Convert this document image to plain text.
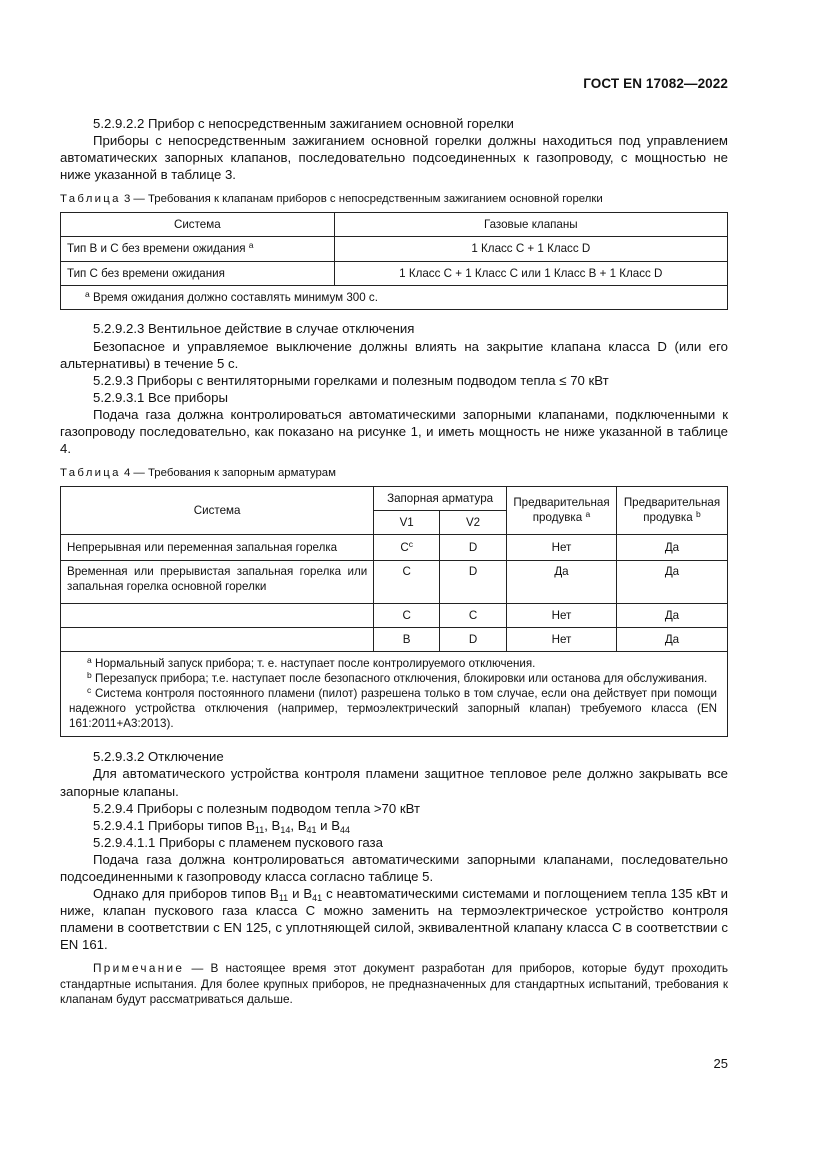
ГОСТ EN 17082—2022

5.2.9.2.2 Прибор с непосредственным зажиганием основной горелки

Приборы с непосредственным зажиганием основной горелки должны находиться под управлением автоматических запорных клапанов, последовательно подсоединенных к газопроводу, с мощностью не ниже указанной в таблице 3.

Таблица 3 — Требования к клапанам приборов с непосредственным зажиганием основной горелки

Система	Газовые клапаны
Тип В и С без времени ожидания $^a$	1 Класс C + 1 Класс D
Тип С без времени ожидания	1 Класс C + 1 Класс C или 1 Класс B + 1 Класс D
$^a$ Время ожидания должно составлять минимум 300 с.	

5.2.9.2.3 Вентильное действие в случае отключения

Безопасное и управляемое выключение должны влиять на закрытие клапана класса D (или его альтернативы) в течение 5 с.

5.2.9.3 Приборы с вентиляторными горелками и полезным подводом тепла ≤ 70 кВт

5.2.9.3.1 Все приборы

Подача газа должна контролироваться автоматическими запорными клапанами, подключенными к газопроводу последовательно, как показано на рисунке 1, и иметь мощность не ниже указанной в таблице 4.

Таблица 4 — Требования к запорным арматурам

Система	Запорная арматура		Предварительная продувка $^a$	Предварительная продувка $^b$
	V1	V2		
Непрерывная или переменная запальная горелка	$C^c$	D	Нет	Да
Временная или прерывистая запальная горелка или запальная горелка основной горелки	C	D	Да	Да
	C	C	Нет	Да
	B	D	Нет	Да

$^a$ Нормальный запуск прибора; т. е. наступает после контролируемого отключения.
$^b$ Перезапуск прибора; т.е. наступает после безопасного отключения, блокировки или останова для обслуживания.
$^c$ Система контроля постоянного пламени (пилот) разрешена только в том случае, если она действует при помощи надежного устройства отключения (например, термоэлектрический запорный клапан) требуемого класса (EN 161:2011+A3:2013).				

5.2.9.3.2 Отключение

Для автоматического устройства контроля пламени защитное тепловое реле должно закрывать все запорные клапаны.

5.2.9.4 Приборы с полезным подводом тепла >70 кВт

5.2.9.4.1 Приборы типов $B_{11}$, $B_{14}$, $B_{41}$ и $B_{44}$

5.2.9.4.1.1 Приборы с пламенем пускового газа

Подача газа должна контролироваться автоматическими запорными клапанами, последовательно подсоединенными к газопроводу класса согласно таблице 5.

Однако для приборов типов $B_{11}$ и $B_{41}$ с неавтоматическими системами и поглощением тепла 135 кВт и ниже, клапан пускового газа класса C можно заменить на термоэлектрическое устройство контроля пламени в соответствии с EN 125, с уплотняющей силой, эквивалентной клапану класса C в соответствии с EN 161.

Примечание — В настоящее время этот документ разработан для приборов, которые будут проходить стандартные испытания. Для более крупных приборов, не предназначенных для стандартных испытаний, требования к клапанам будут рассматриваться дальше.

25
